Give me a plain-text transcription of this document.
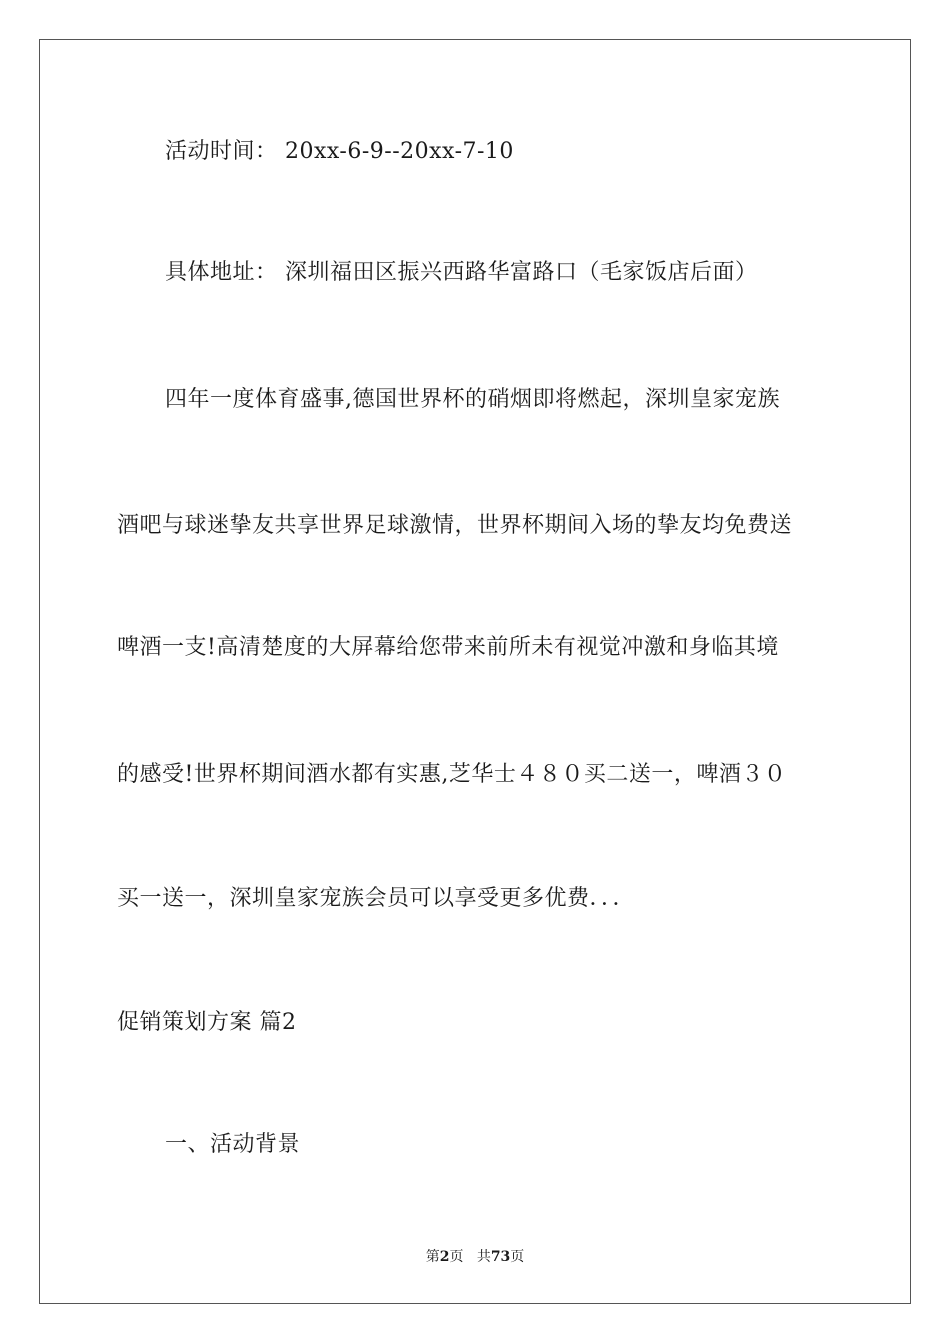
活动时间： 20xx-6-9--20xx-7-10
具体地址： 深圳福田区振兴西路华富路口（毛家饭店后面）
四年一度体育盛事,德国世界杯的硝烟即将燃起，深圳皇家宠族
酒吧与球迷挚友共享世界足球激情，世界杯期间入场的挚友均免费送
啤酒一支!高清楚度的大屏幕给您带来前所未有视觉冲激和身临其境
的感受!世界杯期间酒水都有实惠,芝华士４８０买二送一，啤酒３０
买一送一，深圳皇家宠族会员可以享受更多优费．．．
促销策划方案 篇2
一、活动背景
第2页 共73页
